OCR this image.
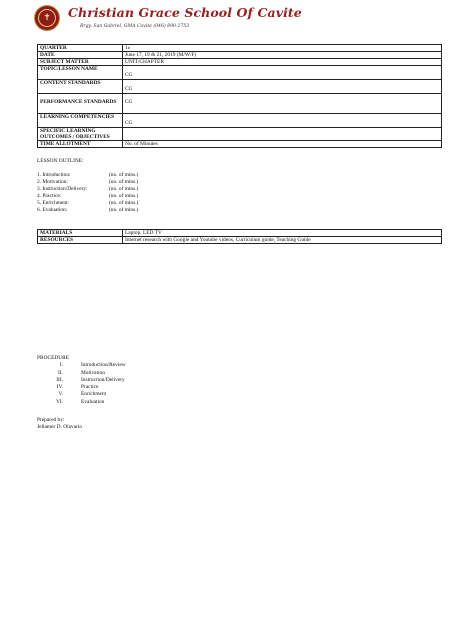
✝	Christian Grace School Of Cavite
Brgy. San Gabriel, GMA Cavite (046) 890-2753
QUARTER	1st
DATE	June 17, 19 & 21, 2019 (M/W/F)
SUBJECT MATTER	UNIT/CHAPTER
TOPIC/LESSON NAME	CG
CONTENT STANDARDS	CG
PERFORMANCE STANDARDS	CG
LEARNING COMPETENCIES	CG
SPECIFIC LEARNING OUTCOMES / OBJECTIVES	
TIME ALLOTMENT	No. of Minutes
LESSON OUTLINE:
1. Introduction:	(no. of mins.)
2. Motivation:	(no. of mins.)
3. Instruction/Delivery:	(no. of mins.)
4. Practice:	(no. of mins.)
5. Enrichment:	(no. of mins.)
6. Evaluation:	(no. of mins.)
MATERIALS	Laptop, LED TV
RESOURCES	Internet research with Google and Youtube videos, Curriculum guide, Teaching Guide
PROCEDURE
I.	Introduction/Review
II.	Motivation
III.	Instruction/Delivery
IV.	Practice
V.	Enrichment
VI.	Evaluation
Prepared by:
Jellamer D. Olavario
